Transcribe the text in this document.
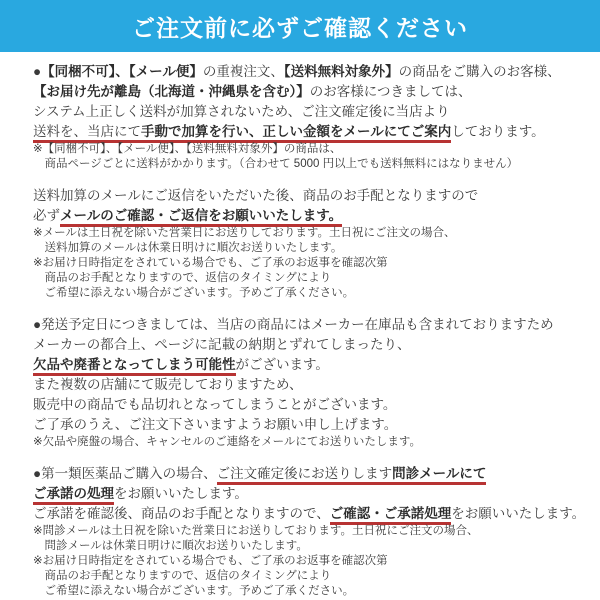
ご注文前に必ずご確認ください
●【同梱不可】、【メール便】の重複注文、【送料無料対象外】の商品をご購入のお客様、
【お届け先が離島（北海道・沖縄県を含む）】のお客様につきましては、
システム上正しく送料が加算されないため、ご注文確定後に当店より
送料を、当店にて手動で加算を行い、正しい金額をメールにてご案内しております。
※【同梱不可】、【メール便】、【送料無料対象外】の商品は、
　商品ページごとに送料がかかります。（合わせて 5000 円以上でも送料無料にはなりません）
送料加算のメールにご返信をいただいた後、商品のお手配となりますので
必ずメールのご確認・ご返信をお願いいたします。
※メールは土日祝を除いた営業日にお送りしております。土日祝にご注文の場合、
　送料加算のメールは休業日明けに順次お送りいたします。
※お届け日時指定をされている場合でも、ご了承のお返事を確認次第
　商品のお手配となりますので、返信のタイミングにより
　ご希望に添えない場合がございます。予めご了承ください。
●発送予定日につきましては、当店の商品にはメーカー在庫品も含まれておりますため
メーカーの都合上、ページに記載の納期とずれてしまったり、
欠品や廃番となってしまう可能性がございます。
また複数の店舗にて販売しておりますため、
販売中の商品でも品切れとなってしまうことがございます。
ご了承のうえ、ご注文下さいますようお願い申し上げます。
※欠品や廃盤の場合、キャンセルのご連絡をメールにてお送りいたします。
●第一類医薬品ご購入の場合、ご注文確定後にお送りします問診メールにて
ご承諾の処理をお願いいたします。
ご承諾を確認後、商品のお手配となりますので、ご確認・ご承諾処理をお願いいたします。
※問診メールは土日祝を除いた営業日にお送りしております。土日祝にご注文の場合、
　問診メールは休業日明けに順次お送りいたします。
※お届け日時指定をされている場合でも、ご了承のお返事を確認次第
　商品のお手配となりますので、返信のタイミングにより
　ご希望に添えない場合がございます。予めご了承ください。
